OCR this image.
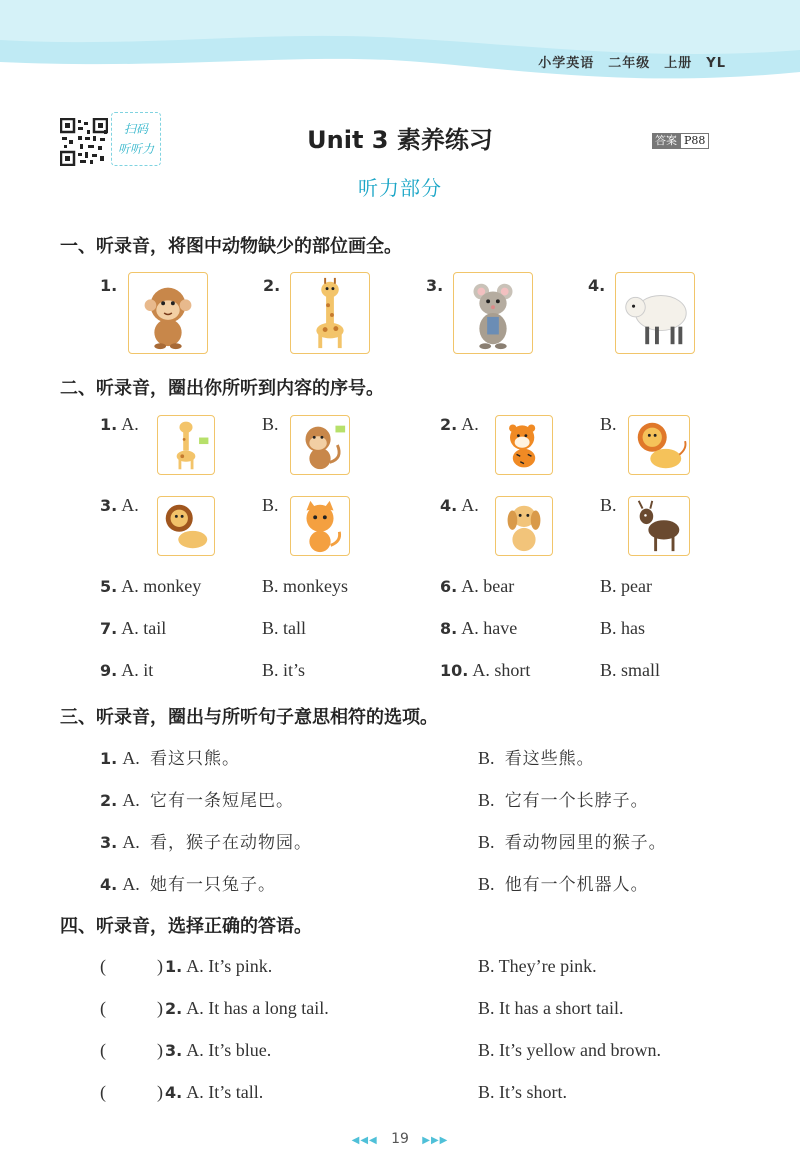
小学英语　二年级　上册　YL
扫码
听听力	Unit 3 素养练习	答案 P88
听力部分
一、听录音，将图中动物缺少的部位画全。
1.	2.	3.	4.
二、听录音，圈出你所听到内容的序号。
1. A.	B.	2. A.	B.
3. A.	B.	4. A.	B.
5. A. monkey	B. monkeys	6. A. bear	B. pear
7. A. tail	B. tall	8. A. have	B. has
9. A. it	B. it’s	10. A. short	B. small
三、听录音，圈出与所听句子意思相符的选项。
1. A. 看这只熊。	B. 看这些熊。
2. A. 它有一条短尾巴。	B. 它有一个长脖子。
3. A. 看，猴子在动物园。	B. 看动物园里的猴子。
4. A. 她有一只兔子。	B. 他有一个机器人。
四、听录音，选择正确的答语。
(	) 1. A. It’s pink.	B. They’re pink.
(	) 2. A. It has a long tail.	B. It has a short tail.
(	) 3. A. It’s blue.	B. It’s yellow and brown.
(	) 4. A. It’s tall.	B. It’s short.
◀◀◀ 19 ▶▶▶
